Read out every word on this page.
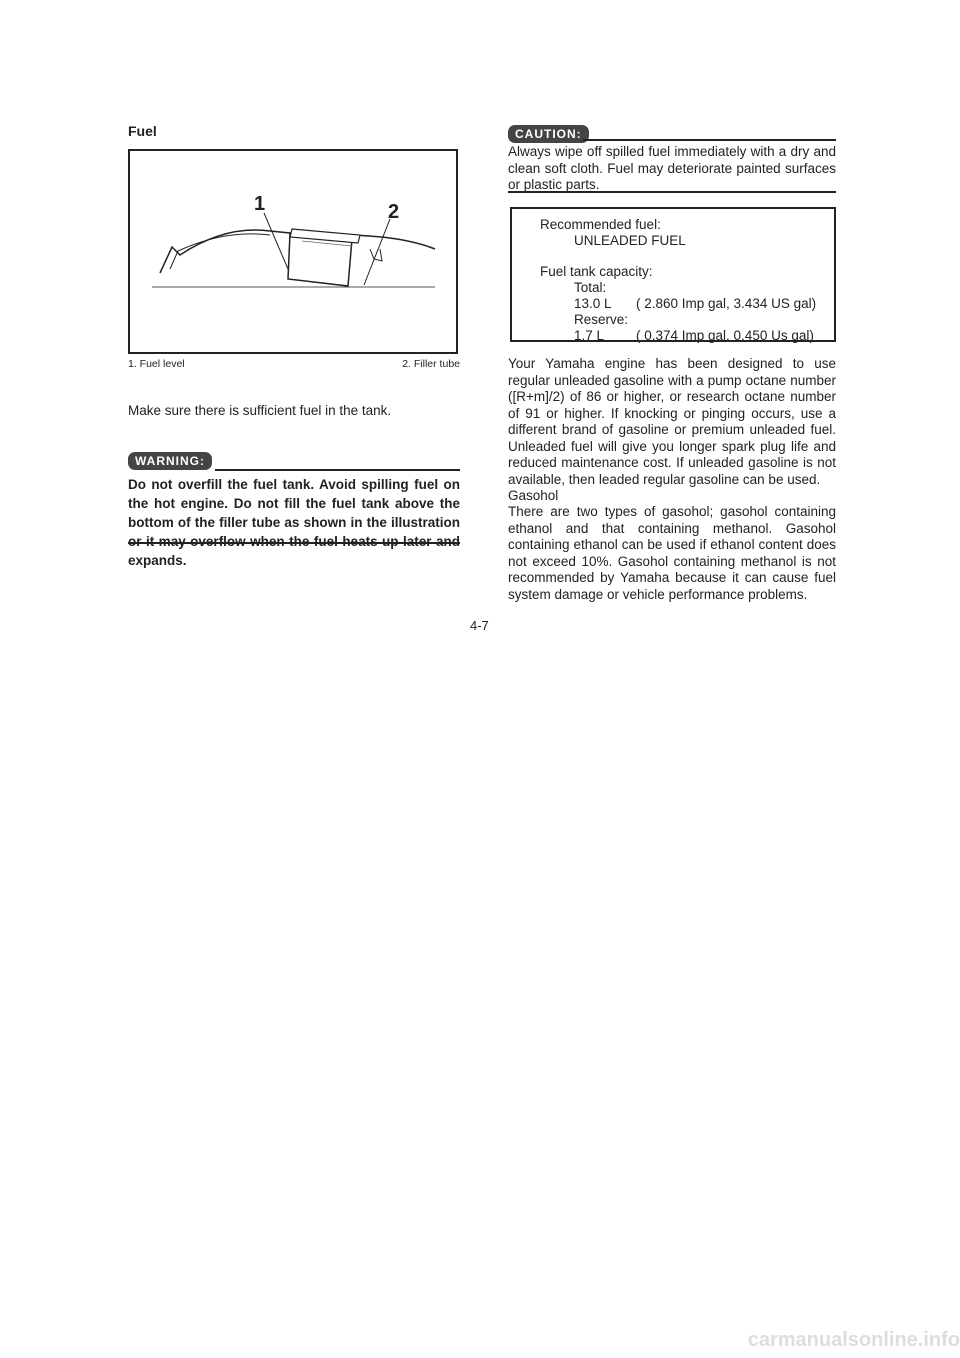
Fuel
1	2
1. Fuel level	2. Filler tube
Make sure there is sufficient fuel in the tank.
WARNING:
Do not overfill the fuel tank. Avoid spilling fuel on the hot engine. Do not fill the fuel tank above the bottom of the filler tube as shown in the illustration or it may overflow when the fuel heats up later and expands.
CAUTION:
Always wipe off spilled fuel immediately with a dry and clean soft cloth. Fuel may deteriorate painted surfaces or plastic parts.
Recommended fuel:
UNLEADED FUEL
Fuel tank capacity:
Total:
13.0 L ( 2.860 Imp gal, 3.434 US gal)
Reserve:
1.7 L ( 0.374 Imp gal, 0.450 Us gal)
Your Yamaha engine has been designed to use regular unleaded gasoline with a pump octane number ([R+m]/2) of 86 or higher, or research octane number of 91 or higher. If knocking or pinging occurs, use a different brand of gasoline or premium unleaded fuel. Unleaded fuel will give you longer spark plug life and reduced maintenance cost. If unleaded gasoline is not available, then leaded regular gasoline can be used.
Gasohol
There are two types of gasohol; gasohol containing ethanol and that containing methanol. Gasohol containing ethanol can be used if ethanol content does not exceed 10%. Gasohol containing methanol is not recommended by Yamaha because it can cause fuel system damage or vehicle performance problems.
4-7
carmanualsonline.info
